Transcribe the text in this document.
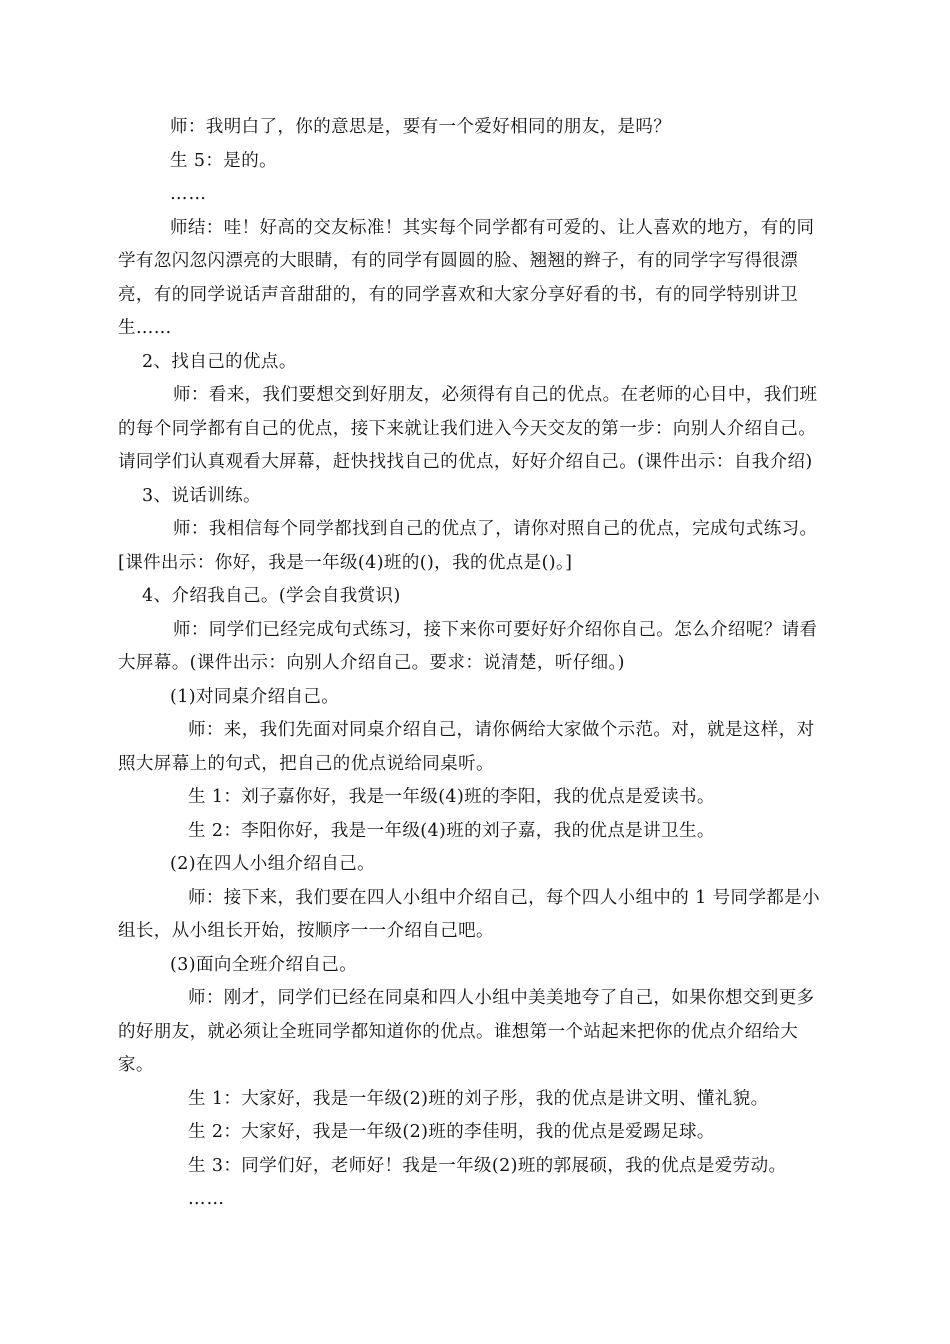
师：我明白了，你的意思是，要有一个爱好相同的朋友，是吗？

生 5：是的。

……

师结：哇！好高的交友标准！其实每个同学都有可爱的、让人喜欢的地方，有的同学有忽闪忽闪漂亮的大眼睛，有的同学有圆圆的脸、翘翘的辫子，有的同学字写得很漂亮，有的同学说话声音甜甜的，有的同学喜欢和大家分享好看的书，有的同学特别讲卫生……

2、找自己的优点。

师：看来，我们要想交到好朋友，必须得有自己的优点。在老师的心目中，我们班的每个同学都有自己的优点，接下来就让我们进入今天交友的第一步：向别人介绍自己。请同学们认真观看大屏幕，赶快找找自己的优点，好好介绍自己。(课件出示：自我介绍)

3、说话训练。

师：我相信每个同学都找到自己的优点了，请你对照自己的优点，完成句式练习。[课件出示：你好，我是一年级(4)班的()，我的优点是()。]

4、介绍我自己。(学会自我赏识)

师：同学们已经完成句式练习，接下来你可要好好介绍你自己。怎么介绍呢？请看大屏幕。(课件出示：向别人介绍自己。要求：说清楚，听仔细。)

(1)对同桌介绍自己。

师：来，我们先面对同桌介绍自己，请你俩给大家做个示范。对，就是这样，对照大屏幕上的句式，把自己的优点说给同桌听。

生 1：刘子嘉你好，我是一年级(4)班的李阳，我的优点是爱读书。

生 2：李阳你好，我是一年级(4)班的刘子嘉，我的优点是讲卫生。

(2)在四人小组介绍自己。

师：接下来，我们要在四人小组中介绍自己，每个四人小组中的 1 号同学都是小组长，从小组长开始，按顺序一一介绍自己吧。

(3)面向全班介绍自己。

师：刚才，同学们已经在同桌和四人小组中美美地夸了自己，如果你想交到更多的好朋友，就必须让全班同学都知道你的优点。谁想第一个站起来把你的优点介绍给大家。

生 1：大家好，我是一年级(2)班的刘子彤，我的优点是讲文明、懂礼貌。

生 2：大家好，我是一年级(2)班的李佳明，我的优点是爱踢足球。

生 3：同学们好，老师好！我是一年级(2)班的郭展硕，我的优点是爱劳动。

……
